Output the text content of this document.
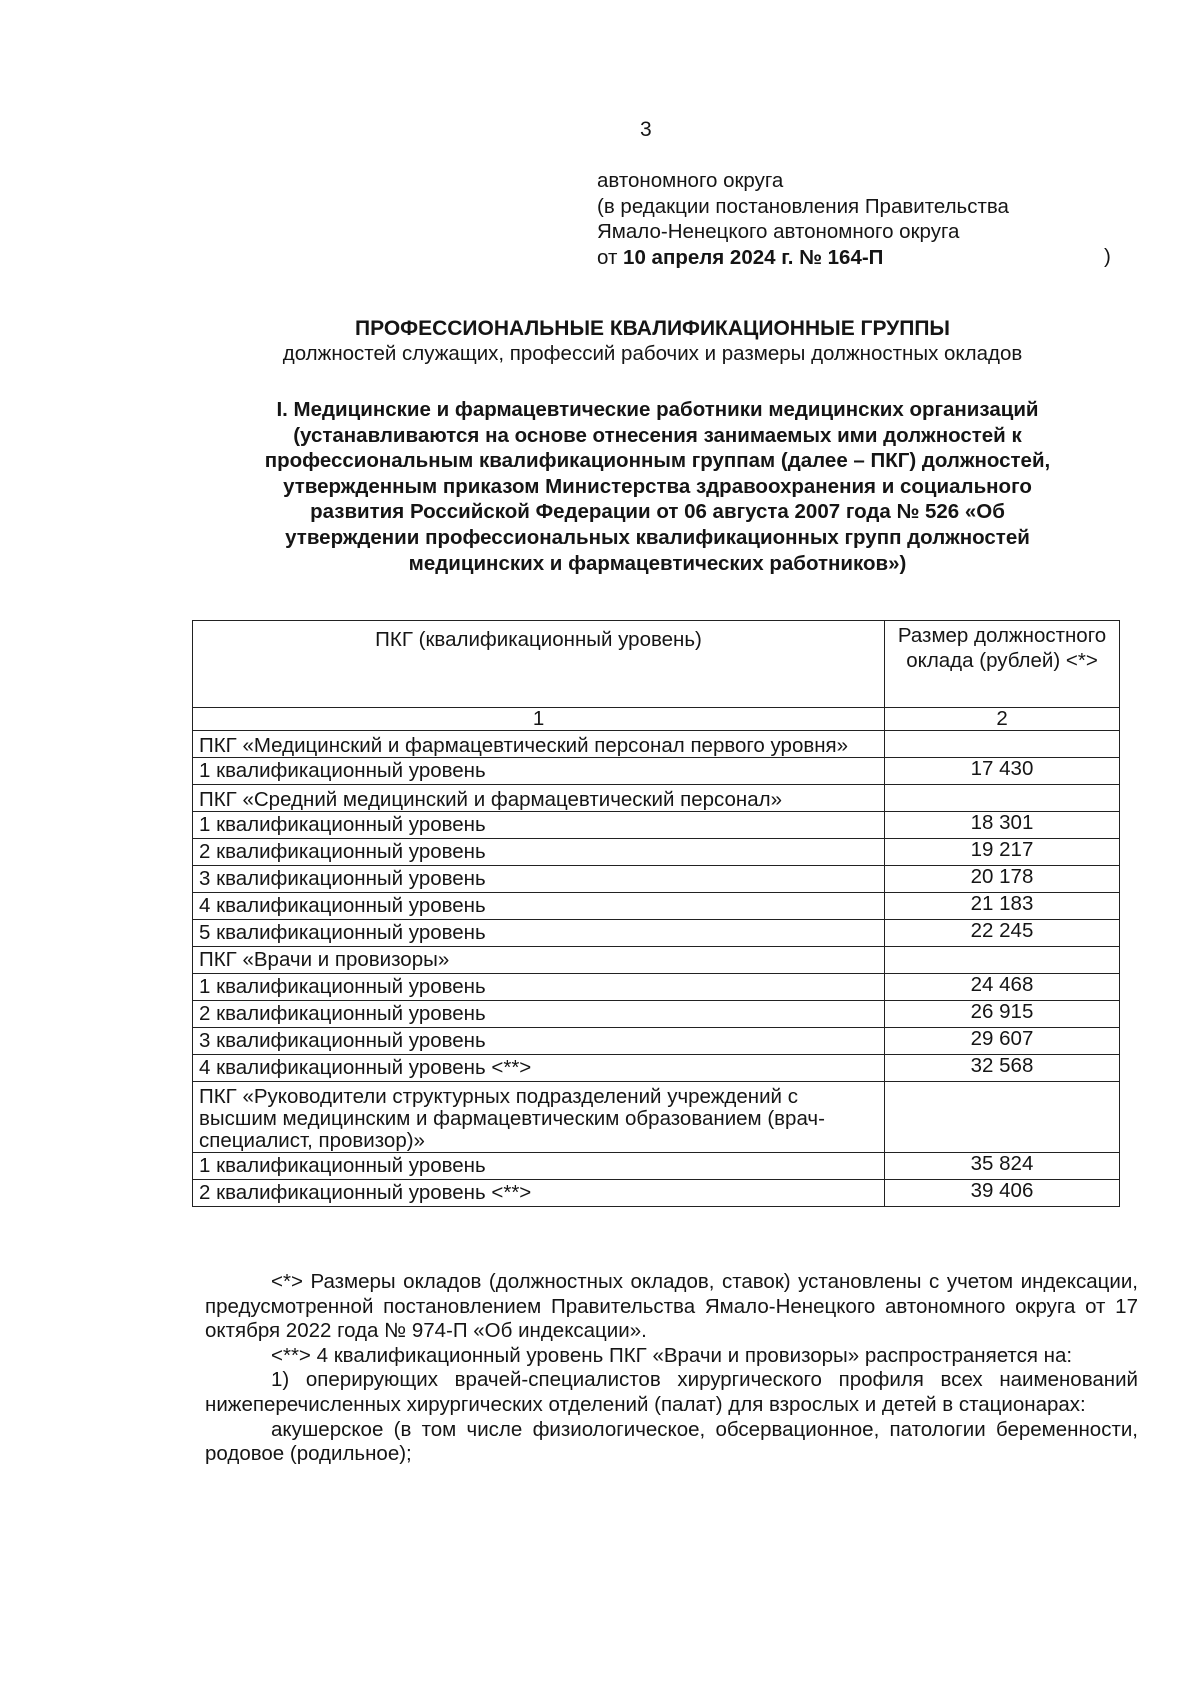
3
автономного округа
(в редакции постановления Правительства
Ямало-Ненецкого автономного округа
от 10 апреля 2024 г. № 164-П	)
ПРОФЕССИОНАЛЬНЫЕ КВАЛИФИКАЦИОННЫЕ ГРУППЫ
должностей служащих, профессий рабочих и размеры должностных окладов
I. Медицинские и фармацевтические работники медицинских организаций (устанавливаются на основе отнесения занимаемых ими должностей к профессиональным квалификационным группам (далее – ПКГ) должностей, утвержденным приказом Министерства здравоохранения и социального развития Российской Федерации от 06 августа 2007 года № 526 «Об утверждении профессиональных квалификационных групп должностей медицинских и фармацевтических работников»)
ПКГ (квалификационный уровень)	Размер должностного оклада (рублей) <*>
1	2
ПКГ «Медицинский и фармацевтический персонал первого уровня»	
1 квалификационный уровень	17 430
ПКГ «Средний медицинский и фармацевтический персонал»	
1 квалификационный уровень	18 301
2 квалификационный уровень	19 217
3 квалификационный уровень	20 178
4 квалификационный уровень	21 183
5 квалификационный уровень	22 245
ПКГ «Врачи и провизоры»	
1 квалификационный уровень	24 468
2 квалификационный уровень	26 915
3 квалификационный уровень	29 607
4 квалификационный уровень <**>	32 568
ПКГ «Руководители структурных подразделений учреждений с высшим медицинским и фармацевтическим образованием (врач-специалист, провизор)»	
1 квалификационный уровень	35 824
2 квалификационный уровень <**>	39 406

<*> Размеры окладов (должностных окладов, ставок) установлены с учетом индексации, предусмотренной постановлением Правительства Ямало-Ненецкого автономного округа от 17 октября 2022 года № 974-П «Об индексации».

<**> 4 квалификационный уровень ПКГ «Врачи и провизоры» распространяется на:

1) оперирующих врачей-специалистов хирургического профиля всех наименований нижеперечисленных хирургических отделений (палат) для взрослых и детей в стационарах:

акушерское (в том числе физиологическое, обсервационное, патологии беременности, родовое (родильное);
